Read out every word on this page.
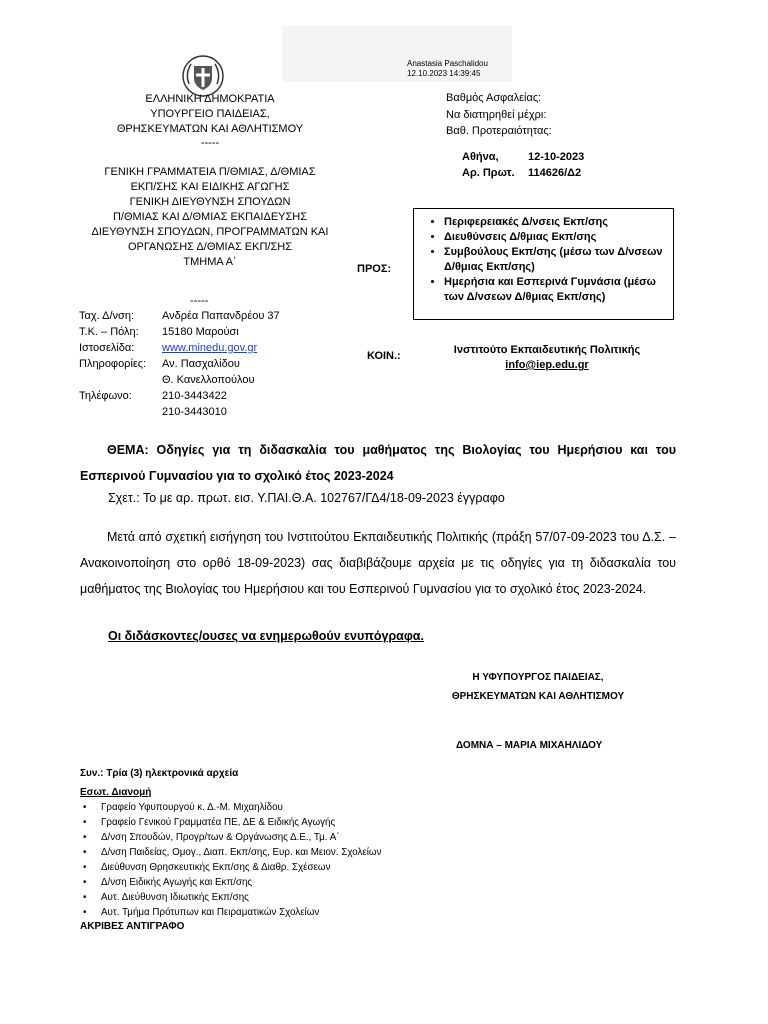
Anastasia Paschalidou
12.10.2023 14:39:45
ΕΛΛΗΝΙΚΗ ΔΗΜΟΚΡΑΤΙΑ
ΥΠΟΥΡΓΕΙΟ ΠΑΙΔΕΙΑΣ,
ΘΡΗΣΚΕΥΜΑΤΩΝ ΚΑΙ ΑΘΛΗΤΙΣΜΟΥ
-----
ΓΕΝΙΚΗ ΓΡΑΜΜΑΤΕΙΑ Π/ΘΜΙΑΣ, Δ/ΘΜΙΑΣ
ΕΚΠ/ΣΗΣ ΚΑΙ ΕΙΔΙΚΗΣ ΑΓΩΓΗΣ
ΓΕΝΙΚΗ ΔΙΕΥΘΥΝΣΗ ΣΠΟΥΔΩΝ
Π/ΘΜΙΑΣ ΚΑΙ Δ/ΘΜΙΑΣ ΕΚΠΑΙΔΕΥΣΗΣ
ΔΙΕΥΘΥΝΣΗ ΣΠΟΥΔΩΝ, ΠΡΟΓΡΑΜΜΑΤΩΝ ΚΑΙ
ΟΡΓΑΝΩΣΗΣ Δ/ΘΜΙΑΣ ΕΚΠ/ΣΗΣ
ΤΜΗΜΑ Α΄
-----
Βαθμός Ασφαλείας:
Να διατηρηθεί μέχρι:
Βαθ. Προτεραιότητας:
Αθήνα,	12-10-2023
Αρ. Πρωτ.	114626/Δ2
ΠΡΟΣ:
• Περιφερειακές Δ/νσεις Εκπ/σης
• Διευθύνσεις Δ/θμιας Εκπ/σης
• Συμβούλους Εκπ/σης (μέσω των Δ/νσεων Δ/θμιας Εκπ/σης)
• Ημερήσια και Εσπερινά Γυμνάσια (μέσω των Δ/νσεων Δ/θμιας Εκπ/σης)
Ταχ. Δ/νση:	Ανδρέα Παπανδρέου 37
Τ.Κ. – Πόλη:	15180 Μαρούσι
Ιστοσελίδα:	www.minedu.gov.gr
Πληροφορίες:	Αν. Πασχαλίδου
Θ. Κανελλοπούλου
Τηλέφωνο:	210-3443422
210-3443010
ΚΟΙΝ.:	Ινστιτούτο Εκπαιδευτικής Πολιτικής
info@iep.edu.gr
ΘΕΜΑ: Οδηγίες για τη διδασκαλία του μαθήματος της Βιολογίας του Ημερήσιου και του Εσπερινού Γυμνασίου για το σχολικό έτος 2023-2024
Σχετ.: Το με αρ. πρωτ. εισ. Υ.ΠΑΙ.Θ.Α. 102767/ΓΔ4/18-09-2023 έγγραφο
Μετά από σχετική εισήγηση του Ινστιτούτου Εκπαιδευτικής Πολιτικής (πράξη 57/07-09-2023 του Δ.Σ. – Ανακοινοποίηση στο ορθό 18-09-2023) σας διαβιβάζουμε αρχεία με τις οδηγίες για τη διδασκαλία του μαθήματος της Βιολογίας του Ημερήσιου και του Εσπερινού Γυμνασίου για το σχολικό έτος 2023-2024.
Οι διδάσκοντες/ουσες να ενημερωθούν ενυπόγραφα.
Η ΥΦΥΠΟΥΡΓΟΣ ΠΑΙΔΕΙΑΣ,
ΘΡΗΣΚΕΥΜΑΤΩΝ ΚΑΙ ΑΘΛΗΤΙΣΜΟΥ
ΔΟΜΝΑ – ΜΑΡΙΑ ΜΙΧΑΗΛΙΔΟΥ
Συν.: Τρία (3) ηλεκτρονικά αρχεία
Εσωτ. Διανομή
•	Γραφείο Υφυπουργού κ. Δ.-Μ. Μιχαηλίδου
•	Γραφείο Γενικού Γραμματέα ΠΕ, ΔΕ & Ειδικής Αγωγής
•	Δ/νση Σπουδών, Προγρ/των & Οργάνωσης Δ.Ε., Τμ. Α΄
•	Δ/νση Παιδείας, Ομογ., Διαπ. Εκπ/σης, Ευρ. και Μειον. Σχολείων
•	Διεύθυνση Θρησκευτικής Εκπ/σης & Διαθρ. Σχέσεων
•	Δ/νση Ειδικής Αγωγής και Εκπ/σης
•	Αυτ. Διεύθυνση Ιδιωτικής Εκπ/σης
•	Αυτ. Τμήμα Πρότυπων και Πειραματικών Σχολείων
ΑΚΡΙΒΕΣ ΑΝΤΙΓΡΑΦΟ
